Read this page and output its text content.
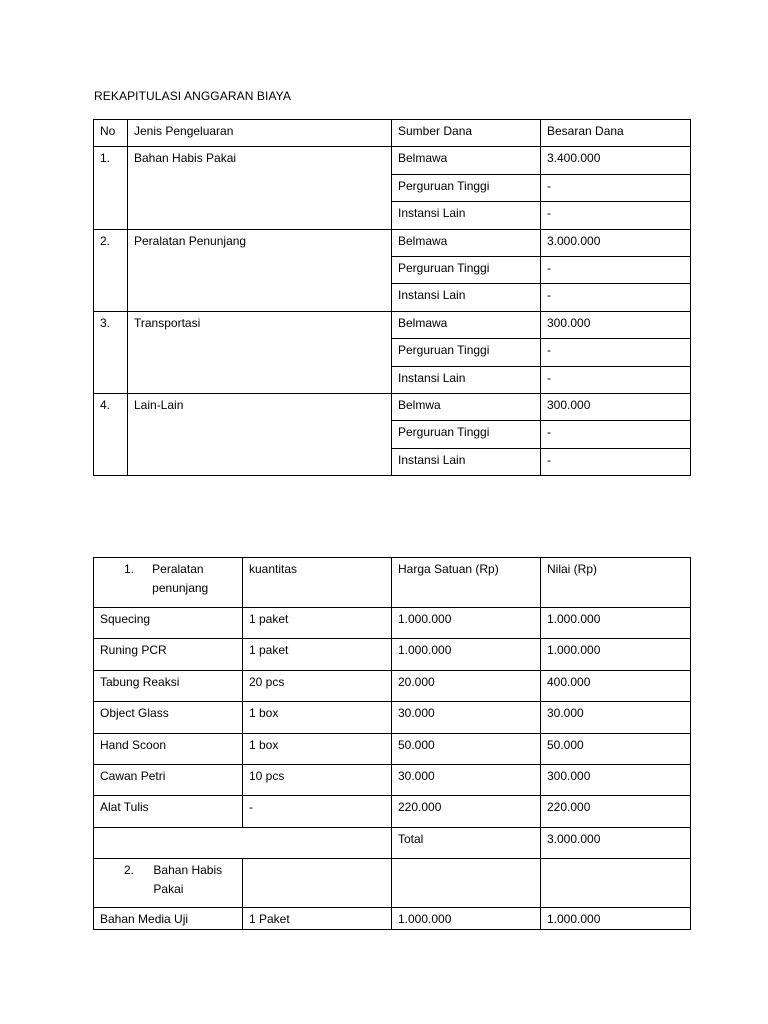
REKAPITULASI ANGGARAN BIAYA
No	Jenis Pengeluaran	Sumber Dana	Besaran Dana
1.	Bahan Habis Pakai	Belmawa	3.400.000
		Perguruan Tinggi	-
		Instansi Lain	-
2.	Peralatan Penunjang	Belmawa	3.000.000
		Perguruan Tinggi	-
		Instansi Lain	-
3.	Transportasi	Belmawa	300.000
		Perguruan Tinggi	-
		Instansi Lain	-
4.	Lain-Lain	Belmwa	300.000
		Perguruan Tinggi	-
		Instansi Lain	-
1. Peralatan penunjang	kuantitas	Harga Satuan (Rp)	Nilai (Rp)
Squecing	1 paket	1.000.000	1.000.000
Runing PCR	1 paket	1.000.000	1.000.000
Tabung Reaksi	20 pcs	20.000	400.000
Object Glass	1 box	30.000	30.000
Hand Scoon	1 box	50.000	50.000
Cawan Petri	10 pcs	30.000	300.000
Alat Tulis	-	220.000	220.000
		Total	3.000.000

2. Bahan Habis Pakai			

Bahan Media Uji	1 Paket	1.000.000	1.000.000
